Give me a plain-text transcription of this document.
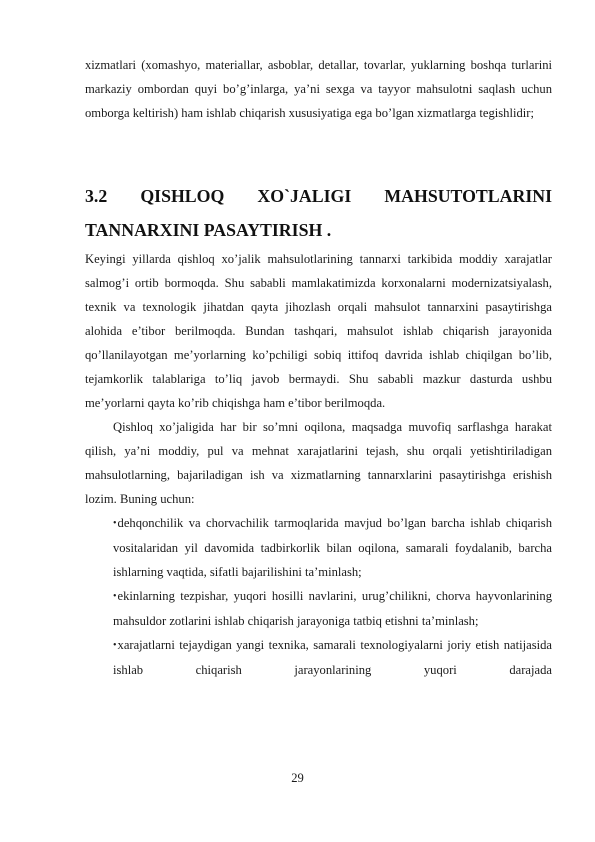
xizmatlari (xomashyo, materiallar, asboblar, detallar, tovarlar, yuklarning boshqa turlarini markaziy ombordan quyi bo’g’inlarga, ya’ni sexga va tayyor mahsulotni saqlash uchun omborga keltirish) ham ishlab chiqarish xususiyatiga ega bo’lgan xizmatlarga tegishlidir;

3.2 QISHLOQ XO`JALIGI MAHSUTOTLARINI
TANNARXINI PASAYTIRISH .

Keyingi yillarda qishloq xo’jalik mahsulotlarining tannarxi tarkibida moddiy xarajatlar salmog’i ortib bormoqda. Shu sababli mamlakatimizda korxonalarni modernizatsiyalash, texnik va texnologik jihatdan qayta jihozlash orqali mahsulot tannarxini pasaytirishga alohida e’tibor berilmoqda. Bundan tashqari, mahsulot ishlab chiqarish jarayonida qo’llanilayotgan me’yorlarning ko’pchiligi sobiq ittifoq davrida ishlab chiqilgan bo’lib, tejamkorlik talablariga to’liq javob bermaydi. Shu sababli mazkur dasturda ushbu me’yorlarni qayta ko’rib chiqishga ham e’tibor berilmoqda.

Qishloq xo’jaligida har bir so’mni oqilona, maqsadga muvofiq sarflashga harakat qilish, ya’ni moddiy, pul va mehnat xarajatlarini tejash, shu orqali yetishtiriladigan mahsulotlarning, bajariladigan ish va xizmatlarning tannarxlarini pasaytirishga erishish lozim. Buning uchun:

•dehqonchilik va chorvachilik tarmoqlarida mavjud bo’lgan barcha ishlab chiqarish vositalaridan yil davomida tadbirkorlik bilan oqilona, samarali foydalanib, barcha ishlarning vaqtida, sifatli bajarilishini ta’minlash;

•ekinlarning tezpishar, yuqori hosilli navlarini, urug’chilikni, chorva hayvonlarining mahsuldor zotlarini ishlab chiqarish jarayoniga tatbiq etishni ta’minlash;

•xarajatlarni tejaydigan yangi texnika, samarali texnologiyalarni joriy etish natijasida ishlab chiqarish jarayonlarining yuqori darajada

29
